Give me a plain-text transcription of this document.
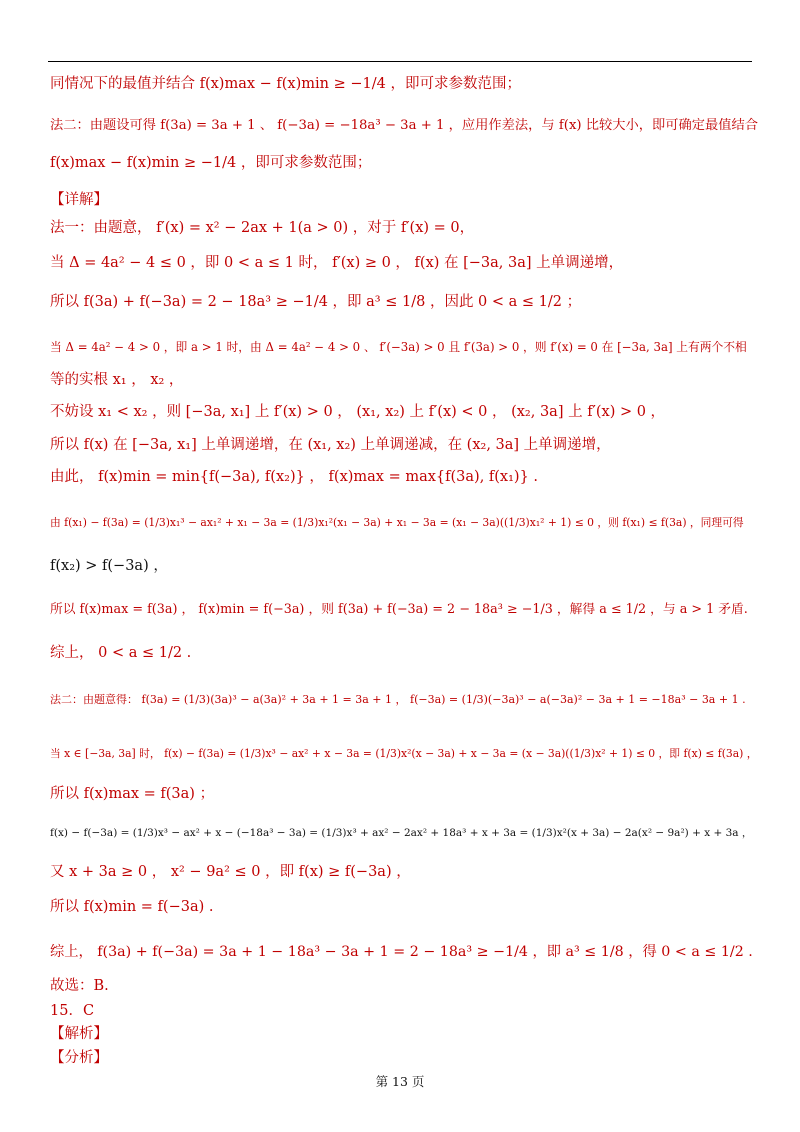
同情况下的最值并结合 f(x)max − f(x)min ≥ −1/4 ，即可求参数范围；
法二：由题设可得 f(3a) = 3a + 1 、 f(−3a) = −18a³ − 3a + 1 ，应用作差法，与 f(x) 比较大小，即可确定最值结合
f(x)max − f(x)min ≥ −1/4 ，即可求参数范围；
【详解】
法一：由题意， f′(x) = x² − 2ax + 1(a > 0) ，对于 f′(x) = 0，
当 Δ = 4a² − 4 ≤ 0 ，即 0 < a ≤ 1 时， f′(x) ≥ 0 ， f(x) 在 [−3a, 3a] 上单调递增，
所以 f(3a) + f(−3a) = 2 − 18a³ ≥ −1/4 ，即 a³ ≤ 1/8 ，因此 0 < a ≤ 1/2 ；
当 Δ = 4a² − 4 > 0 ，即 a > 1 时，由 Δ = 4a² − 4 > 0 、 f′(−3a) > 0 且 f′(3a) > 0 ，则 f′(x) = 0 在 [−3a, 3a] 上有两个不相
等的实根 x₁ ， x₂ ，
不妨设 x₁ < x₂ ，则 [−3a, x₁] 上 f′(x) > 0 ， (x₁, x₂) 上 f′(x) < 0 ， (x₂, 3a] 上 f′(x) > 0 ，
所以 f(x) 在 [−3a, x₁] 上单调递增，在 (x₁, x₂) 上单调递减，在 (x₂, 3a] 上单调递增，
由此， f(x)min = min{f(−3a), f(x₂)} ， f(x)max = max{f(3a), f(x₁)} .
由 f(x₁) − f(3a) = (1/3)x₁³ − ax₁² + x₁ − 3a = (1/3)x₁²(x₁ − 3a) + x₁ − 3a = (x₁ − 3a)((1/3)x₁² + 1) ≤ 0 ，则 f(x₁) ≤ f(3a) ，同理可得
f(x₂) > f(−3a) ，
所以 f(x)max = f(3a) ， f(x)min = f(−3a) ，则 f(3a) + f(−3a) = 2 − 18a³ ≥ −1/3 ，解得 a ≤ 1/2 ，与 a > 1 矛盾.
综上， 0 < a ≤ 1/2 .
法二：由题意得： f(3a) = (1/3)(3a)³ − a(3a)² + 3a + 1 = 3a + 1 ， f(−3a) = (1/3)(−3a)³ − a(−3a)² − 3a + 1 = −18a³ − 3a + 1 .
当 x ∈ [−3a, 3a] 时， f(x) − f(3a) = (1/3)x³ − ax² + x − 3a = (1/3)x²(x − 3a) + x − 3a = (x − 3a)((1/3)x² + 1) ≤ 0 ，即 f(x) ≤ f(3a) ，
所以 f(x)max = f(3a) ；
f(x) − f(−3a) = (1/3)x³ − ax² + x − (−18a³ − 3a) = (1/3)x³ + ax² − 2ax² + 18a³ + x + 3a = (1/3)x²(x + 3a) − 2a(x² − 9a²) + x + 3a ，
又 x + 3a ≥ 0 ， x² − 9a² ≤ 0 ，即 f(x) ≥ f(−3a) ，
所以 f(x)min = f(−3a) .
综上， f(3a) + f(−3a) = 3a + 1 − 18a³ − 3a + 1 = 2 − 18a³ ≥ −1/4 ，即 a³ ≤ 1/8 ，得 0 < a ≤ 1/2 .
故选：B.
15．C
【解析】
【分析】
第 13 页
